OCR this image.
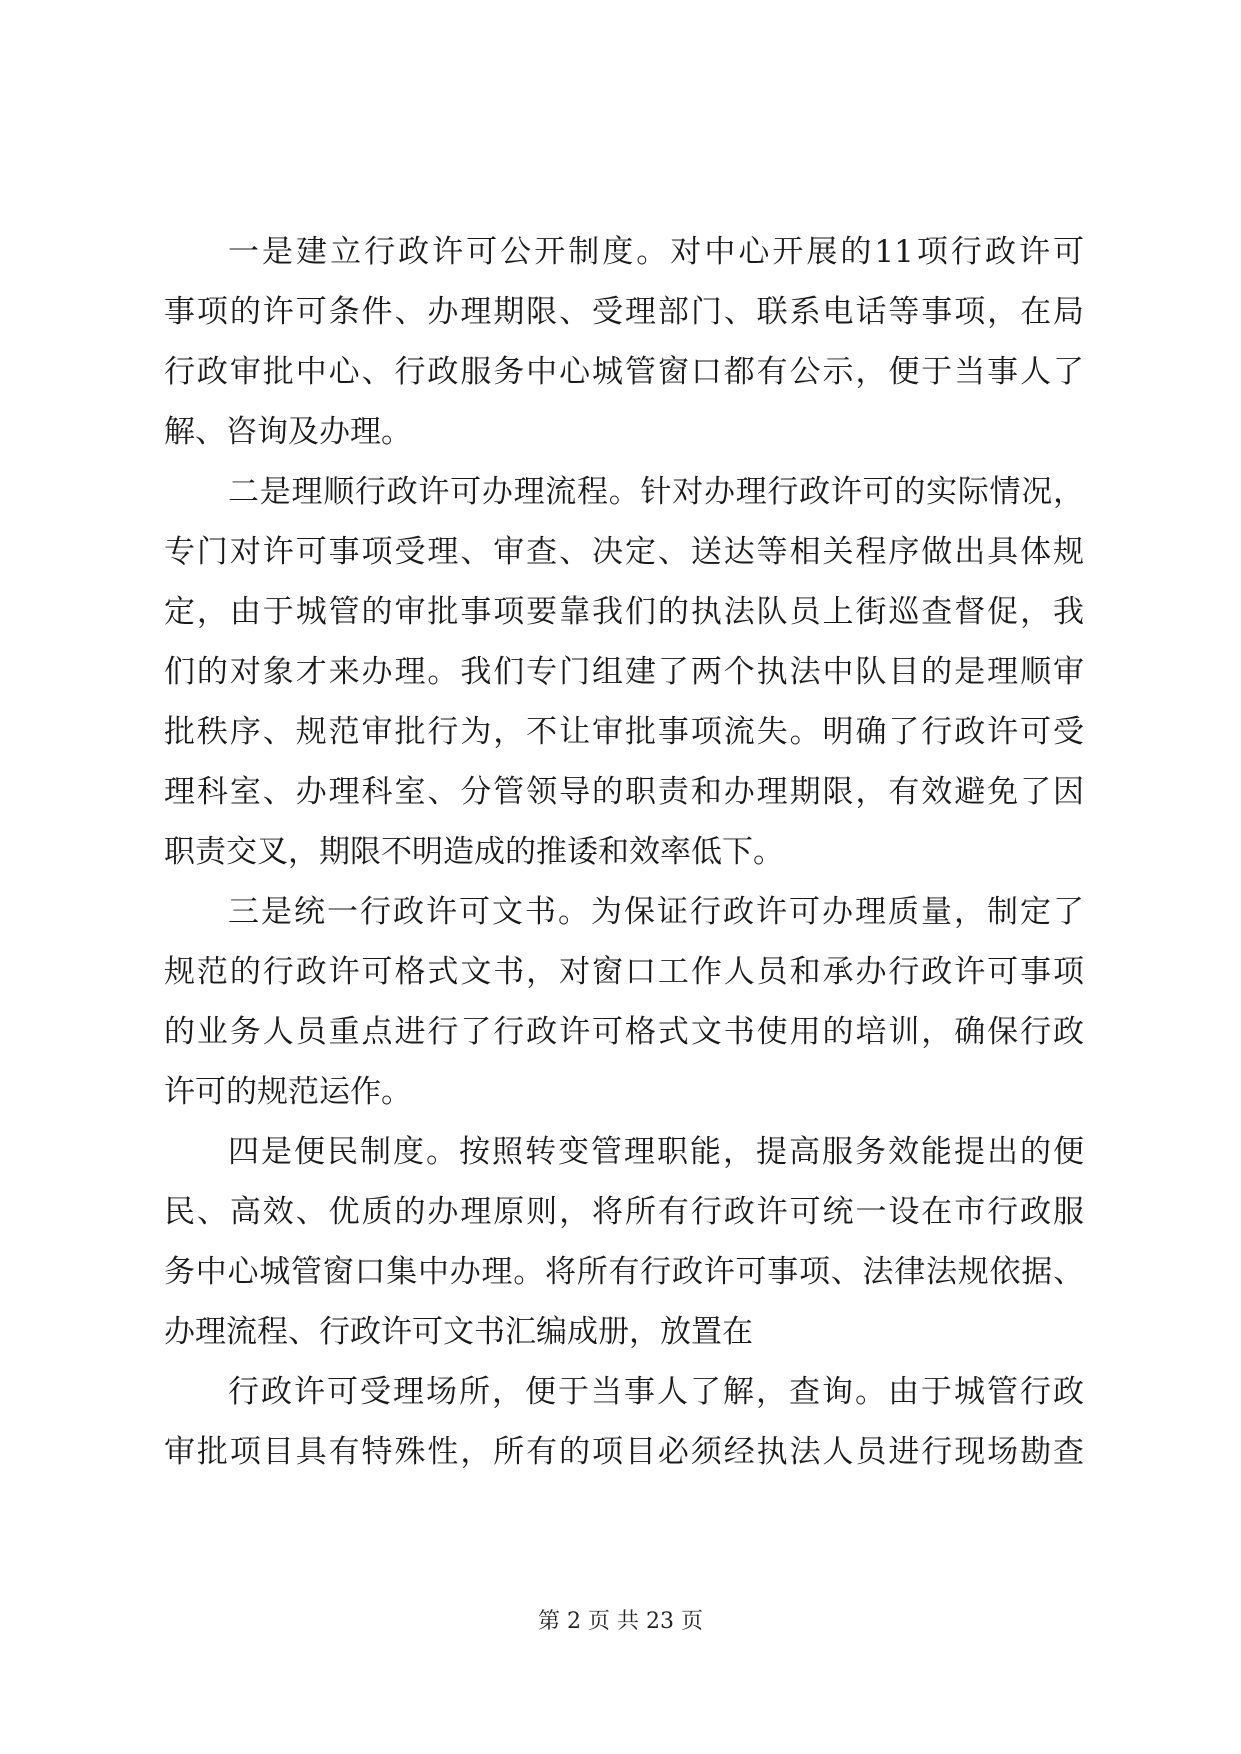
一是建立行政许可公开制度。对中心开展的11项行政许可
事项的许可条件、办理期限、受理部门、联系电话等事项，在局
行政审批中心、行政服务中心城管窗口都有公示，便于当事人了
解、咨询及办理。
二是理顺行政许可办理流程。针对办理行政许可的实际情况，
专门对许可事项受理、审查、决定、送达等相关程序做出具体规
定，由于城管的审批事项要靠我们的执法队员上街巡查督促，我
们的对象才来办理。我们专门组建了两个执法中队目的是理顺审
批秩序、规范审批行为，不让审批事项流失。明确了行政许可受
理科室、办理科室、分管领导的职责和办理期限，有效避免了因
职责交叉，期限不明造成的推诿和效率低下。
三是统一行政许可文书。为保证行政许可办理质量，制定了
规范的行政许可格式文书，对窗口工作人员和承办行政许可事项
的业务人员重点进行了行政许可格式文书使用的培训，确保行政
许可的规范运作。
四是便民制度。按照转变管理职能，提高服务效能提出的便
民、高效、优质的办理原则，将所有行政许可统一设在市行政服
务中心城管窗口集中办理。将所有行政许可事项、法律法规依据、
办理流程、行政许可文书汇编成册，放置在
行政许可受理场所，便于当事人了解，查询。由于城管行政
审批项目具有特殊性，所有的项目必须经执法人员进行现场勘查
第 2 页 共 23 页
